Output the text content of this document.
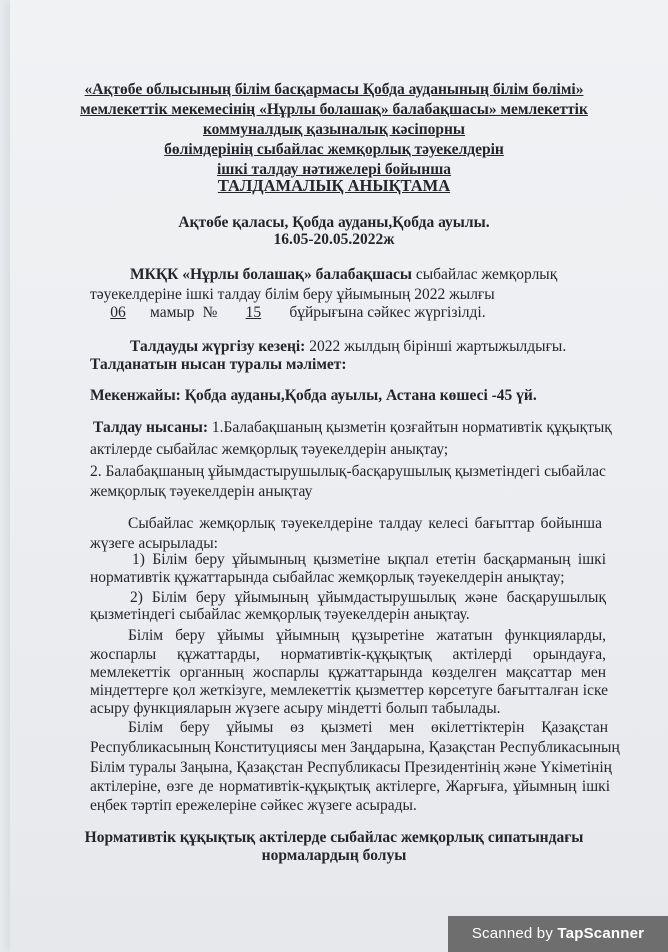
«Ақтөбе облысының білім басқармасы Қобда ауданының білім бөлімі»
мемлекеттік мекемесінің «Нұрлы болашақ» балабақшасы» мемлекеттік
коммуналдық қазыналық кәсіпорны
бөлімдерінің сыбайлас жемқорлық тәуекелдерін
ішкі талдау нәтижелері бойынша
ТАЛДАМАЛЫҚ АНЫҚТАМА
Ақтөбе қаласы, Қобда ауданы,Қобда ауылы.
16.05-20.05.2022ж
МКҚК «Нұрлы болашақ» балабақшасы сыбайлас жемқорлық
тәуекелдеріне ішкі талдау білім беру ұйымының 2022 жылғы
06 мамыр № 15 бұйрығына сәйкес жүргізілді.
Талдауды жүргізу кезеңі: 2022 жылдың бірінші жартыжылдығы.
Талданатын нысан туралы мәлімет:
Мекенжайы: Қобда ауданы,Қобда ауылы, Астана көшесі -45 үй.
Талдау нысаны: 1.Балабақшаның қызметін қозғайтын нормативтік құқықтық
актілерде сыбайлас жемқорлық тәуекелдерін анықтау;
2. Балабақшаның ұйымдастырушылық-басқарушылық қызметіндегі сыбайлас
жемқорлық тәуекелдерін анықтау
Сыбайлас жемқорлық тәуекелдеріне талдау келесі бағыттар бойынша
жүзеге асырылады:
1) Білім беру ұйымының қызметіне ықпал ететін басқарманың ішкі
нормативтік құжаттарында сыбайлас жемқорлық тәуекелдерін анықтау;
2) Білім беру ұйымының ұйымдастырушылық және басқарушылық
қызметіндегі сыбайлас жемқорлық тәуекелдерін анықтау.
Білім беру ұйымы ұйымның құзыретіне жататын функцияларды,
жоспарлы құжаттарды, нормативтік-құқықтық актілерді орындауға,
мемлекеттік органның жоспарлы құжаттарында көзделген мақсаттар мен
міндеттерге қол жеткізуге, мемлекеттік қызметтер көрсетуге бағытталған іске
асыру функцияларын жүзеге асыру міндетті болып табылады.
Білім беру ұйымы өз қызметі мен өкілеттіктерін Қазақстан
Республикасының Конституциясы мен Заңдарына, Қазақстан Республикасының
Білім туралы Заңына, Қазақстан Республикасы Президентінің және Үкіметінің
актілеріне, өзге де нормативтік-құқықтық актілерге, Жарғыға, ұйымның ішкі
еңбек тәртіп ережелеріне сәйкес жүзеге асырады.
Нормативтік құқықтық актілерде сыбайлас жемқорлық сипатындағы
нормалардың болуы
Scanned by TapScanner
